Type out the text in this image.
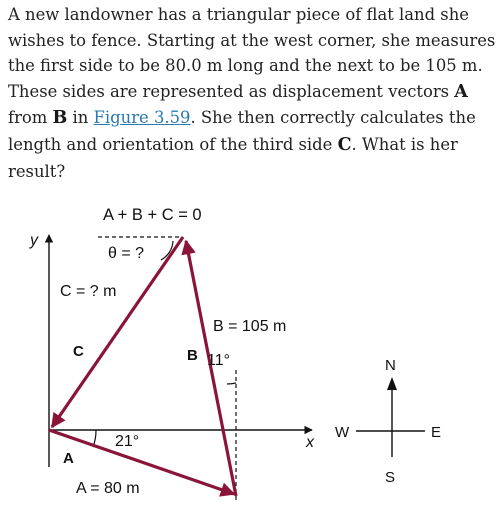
A new landowner has a triangular piece of flat land she wishes to fence. Starting at the west corner, she measures the first side to be 80.0 m long and the next to be 105 m. These sides are represented as displacement vectors A from B in Figure 3.59. She then correctly calculates the length and orientation of the third side C. What is her result?

A + B + C = 0
y
x
θ = ?
C = ? m
C
B = 105 m
B 11°
21°
A
A = 80 m
N
S
E
W
